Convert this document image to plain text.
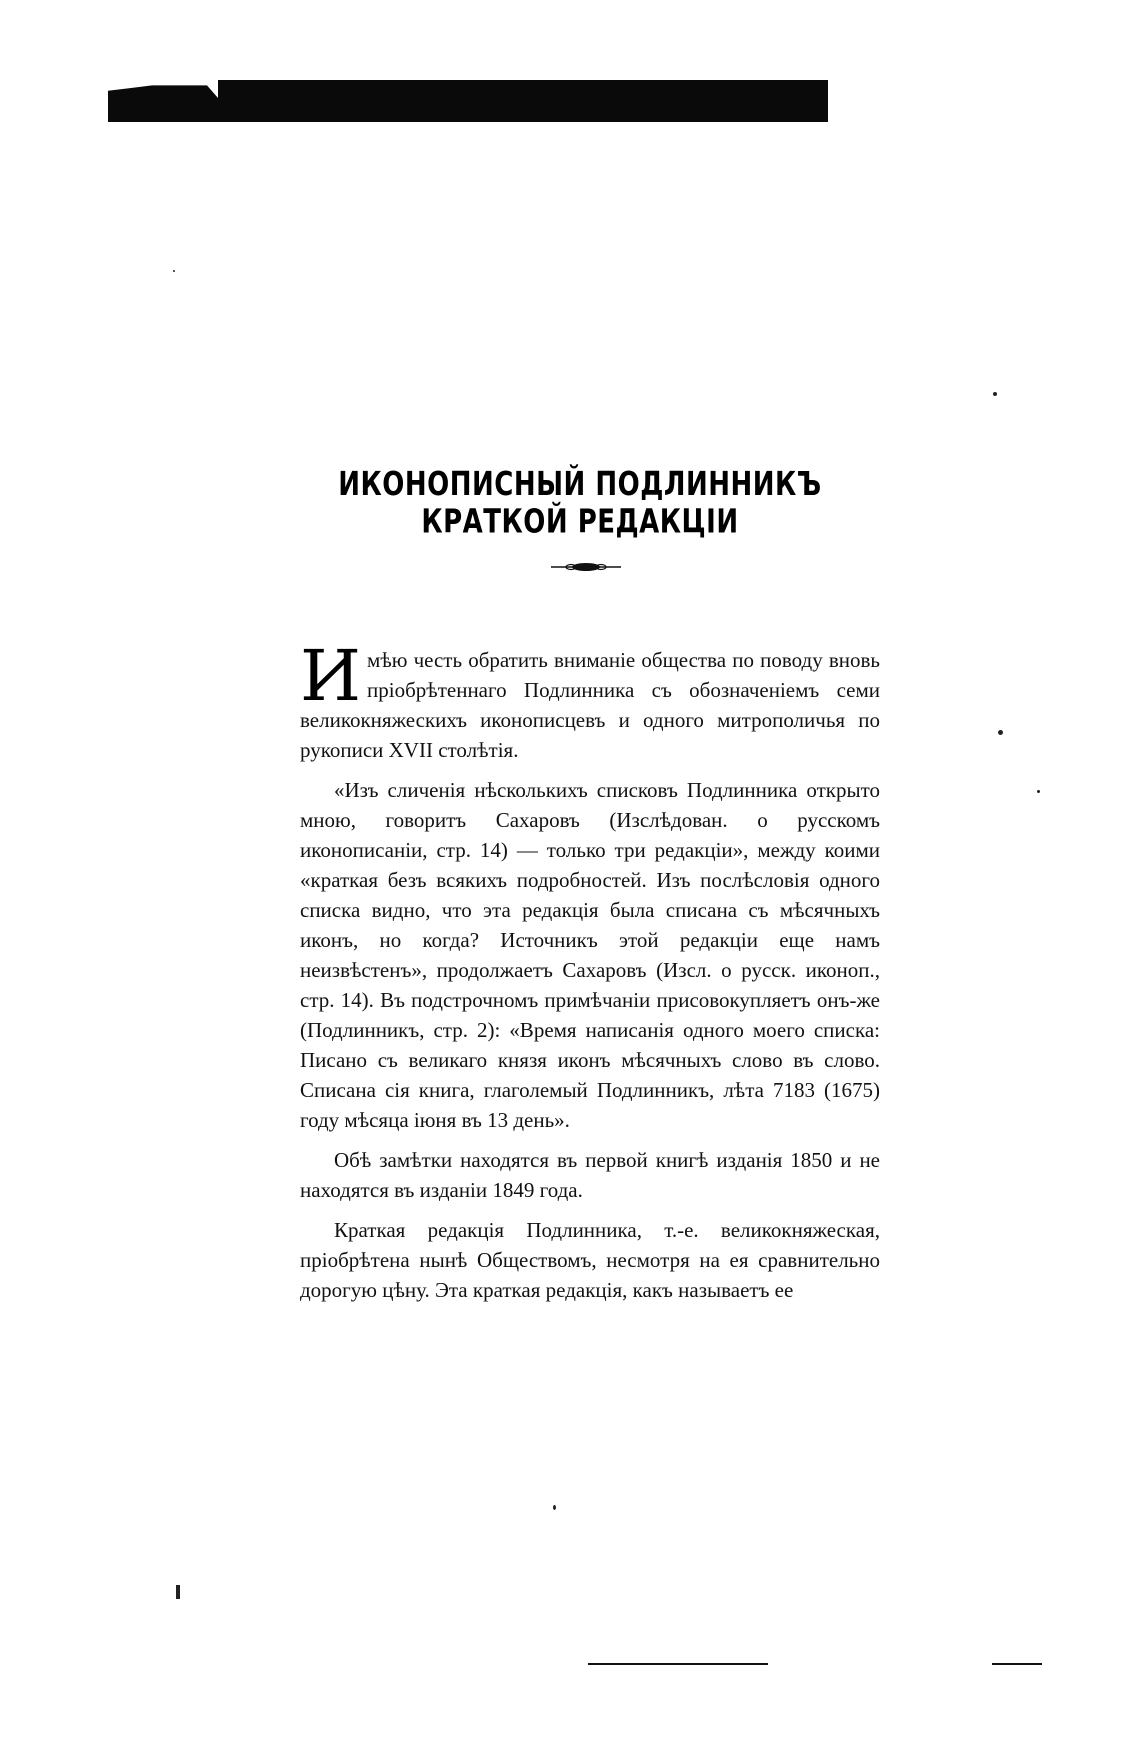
ИКОНОПИСНЫЙ ПОДЛИННИКЪ КРАТКОЙ РЕДАКЦІИ

Имѣю честь обратить вниманіе общества по поводу вновь пріобрѣтеннаго Подлинника съ обозначеніемъ семи великокняжескихъ иконописцевъ и одного митрополичья по рукописи XVII столѣтія.

«Изъ сличенія нѣсколькихъ списковъ Подлинника открыто мною, говоритъ Сахаровъ (Изслѣдован. о русскомъ иконописаніи, стр. 14) — только три редакціи», между коими «краткая безъ всякихъ подробностей. Изъ послѣсловія одного списка видно, что эта редакція была списана съ мѣсячныхъ иконъ, но когда? Источникъ этой редакціи еще намъ неизвѣстенъ», продолжаетъ Сахаровъ (Изсл. о русск. иконоп., стр. 14). Въ подстрочномъ примѣчаніи присовокупляетъ онъ-же (Подлинникъ, стр. 2): «Время написанія одного моего списка: Писано съ великаго князя иконъ мѣсячныхъ слово въ слово. Списана сія книга, глаголемый Подлинникъ, лѣта 7183 (1675) году мѣсяца іюня въ 13 день».

Обѣ замѣтки находятся въ первой книгѣ изданія 1850 и не находятся въ изданіи 1849 года.

Краткая редакція Подлинника, т.-е. великокняжеская, пріобрѣтена нынѣ Обществомъ, несмотря на ея сравнительно дорогую цѣну. Эта краткая редакція, какъ называетъ ее
